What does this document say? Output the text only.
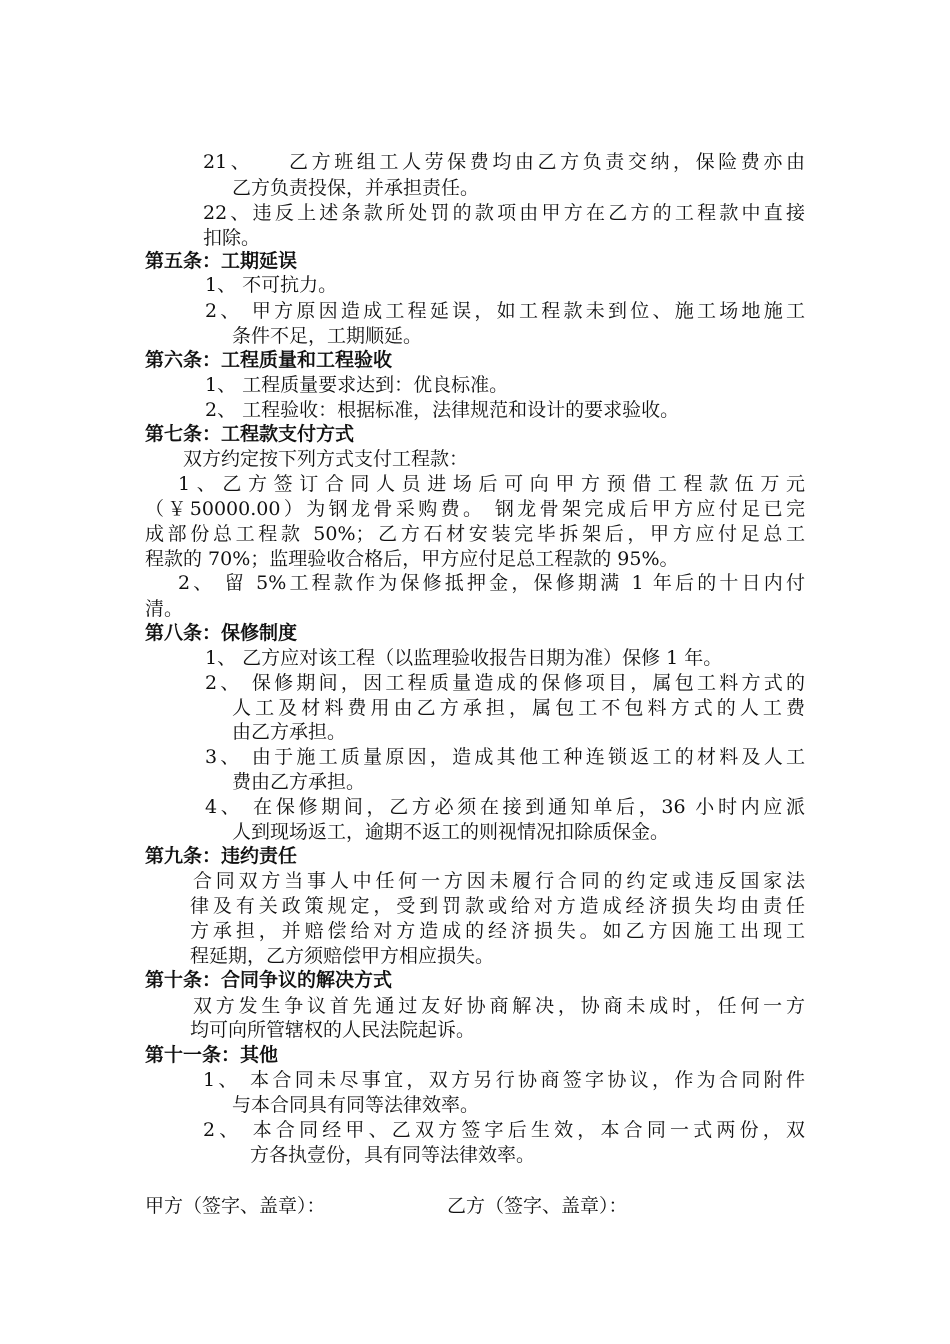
21、　　乙方班组工人劳保费均由乙方负责交纳，保险费亦由
乙方负责投保，并承担责任。
22、违反上述条款所处罚的款项由甲方在乙方的工程款中直接
扣除。
第五条：工期延误
1、 不可抗力。
2、 甲方原因造成工程延误，如工程款未到位、施工场地施工
条件不足，工期顺延。
第六条：工程质量和工程验收
1、 工程质量要求达到：优良标准。
2、 工程验收：根据标准，法律规范和设计的要求验收。
第七条：工程款支付方式
双方约定按下列方式支付工程款：
1、乙方签订合同人员进场后可向甲方预借工程款伍万元
（￥50000.00）为钢龙骨采购费。 钢龙骨架完成后甲方应付足已完
成部份总工程款 50%；乙方石材安装完毕拆架后，甲方应付足总工
程款的 70%；监理验收合格后，甲方应付足总工程款的 95%。
2、 留 5%工程款作为保修抵押金，保修期满 1 年后的十日内付
清。
第八条：保修制度
1、 乙方应对该工程（以监理验收报告日期为准）保修 1 年。
2、 保修期间，因工程质量造成的保修项目，属包工料方式的
人工及材料费用由乙方承担，属包工不包料方式的人工费
由乙方承担。
3、 由于施工质量原因，造成其他工种连锁返工的材料及人工
费由乙方承担。
4、 在保修期间，乙方必须在接到通知单后，36 小时内应派
人到现场返工，逾期不返工的则视情况扣除质保金。
第九条：违约责任
合同双方当事人中任何一方因未履行合同的约定或违反国家法
律及有关政策规定，受到罚款或给对方造成经济损失均由责任
方承担，并赔偿给对方造成的经济损失。如乙方因施工出现工
程延期，乙方须赔偿甲方相应损失。
第十条：合同争议的解决方式
双方发生争议首先通过友好协商解决，协商未成时，任何一方
均可向所管辖权的人民法院起诉。
第十一条：其他
1、 本合同未尽事宜，双方另行协商签字协议，作为合同附件
与本合同具有同等法律效率。
2、 本合同经甲、乙双方签字后生效，本合同一式两份，双
方各执壹份，具有同等法律效率。
甲方（签字、盖章）：	乙方（签字、盖章）：
